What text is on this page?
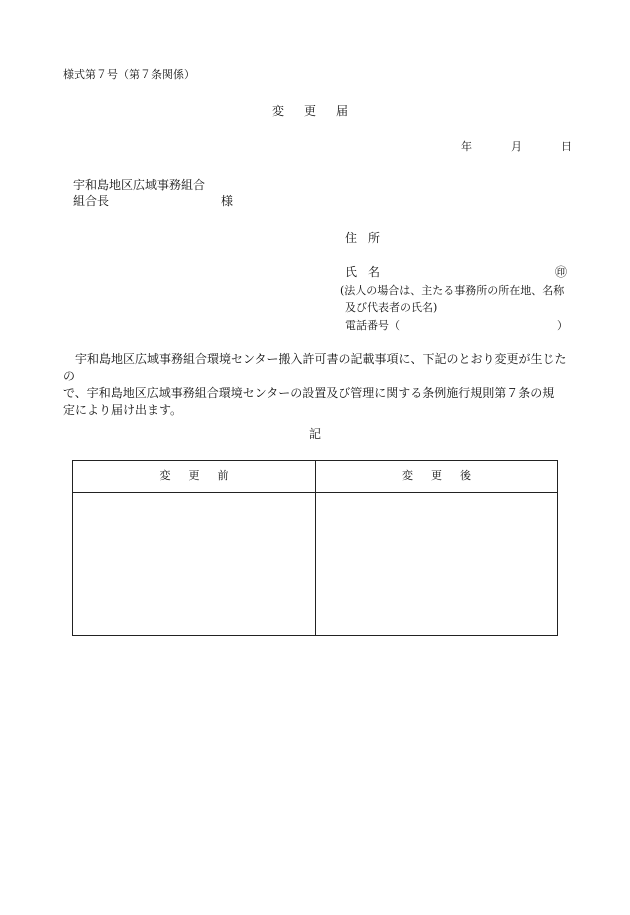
様式第７号（第７条関係）
変更届
年	月	日
宇和島地区広域事務組合
組合長	様
住所
氏名	㊞
(法人の場合は、主たる事務所の所在地、名称
及び代表者の氏名)
電話番号（	）

宇和島地区広域事務組合環境センター搬入許可書の記載事項に、下記のとおり変更が生じたの
で、宇和島地区広域事務組合環境センターの設置及び管理に関する条例施行規則第７条の規
定により届け出ます。

記
変更前	変更後
